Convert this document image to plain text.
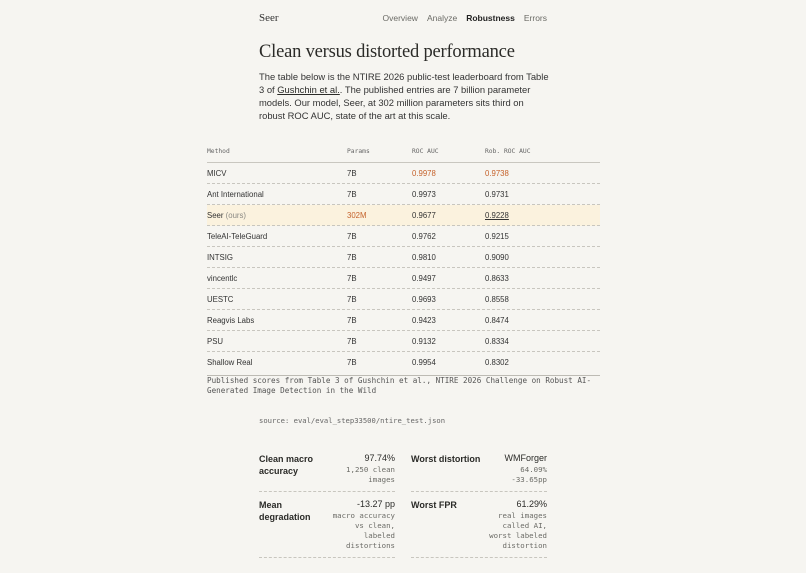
Seer	Overview Analyze Robustness Errors
Clean versus distorted performance
The table below is the NTIRE 2026 public-test leaderboard from Table 3 of Gushchin et al.. The published entries are 7 billion parameter models. Our model, Seer, at 302 million parameters sits third on robust ROC AUC, state of the art at this scale.
Method	Params	ROC AUC	Rob. ROC AUC
MICV	7B	0.9978	0.9738
Ant International	7B	0.9973	0.9731
Seer (ours)	302M	0.9677	0.9228
TeleAI-TeleGuard	7B	0.9762	0.9215
INTSIG	7B	0.9810	0.9090
vincentlc	7B	0.9497	0.8633
UESTC	7B	0.9693	0.8558
Reagvis Labs	7B	0.9423	0.8474
PSU	7B	0.9132	0.8334
Shallow Real	7B	0.9954	0.8302
Published scores from Table 3 of Gushchin et al., NTIRE 2026 Challenge on Robust AI-Generated Image Detection in the Wild
source: eval/eval_step33500/ntire_test.json
Clean macro accuracy
97.74%
1,250 clean images
Worst distortion	WMForger
64.09% -33.65pp
Mean degradation
-13.27 pp
macro accuracy vs clean, labeled distortions
Worst FPR	61.29%
real images called AI, worst labeled distortion
